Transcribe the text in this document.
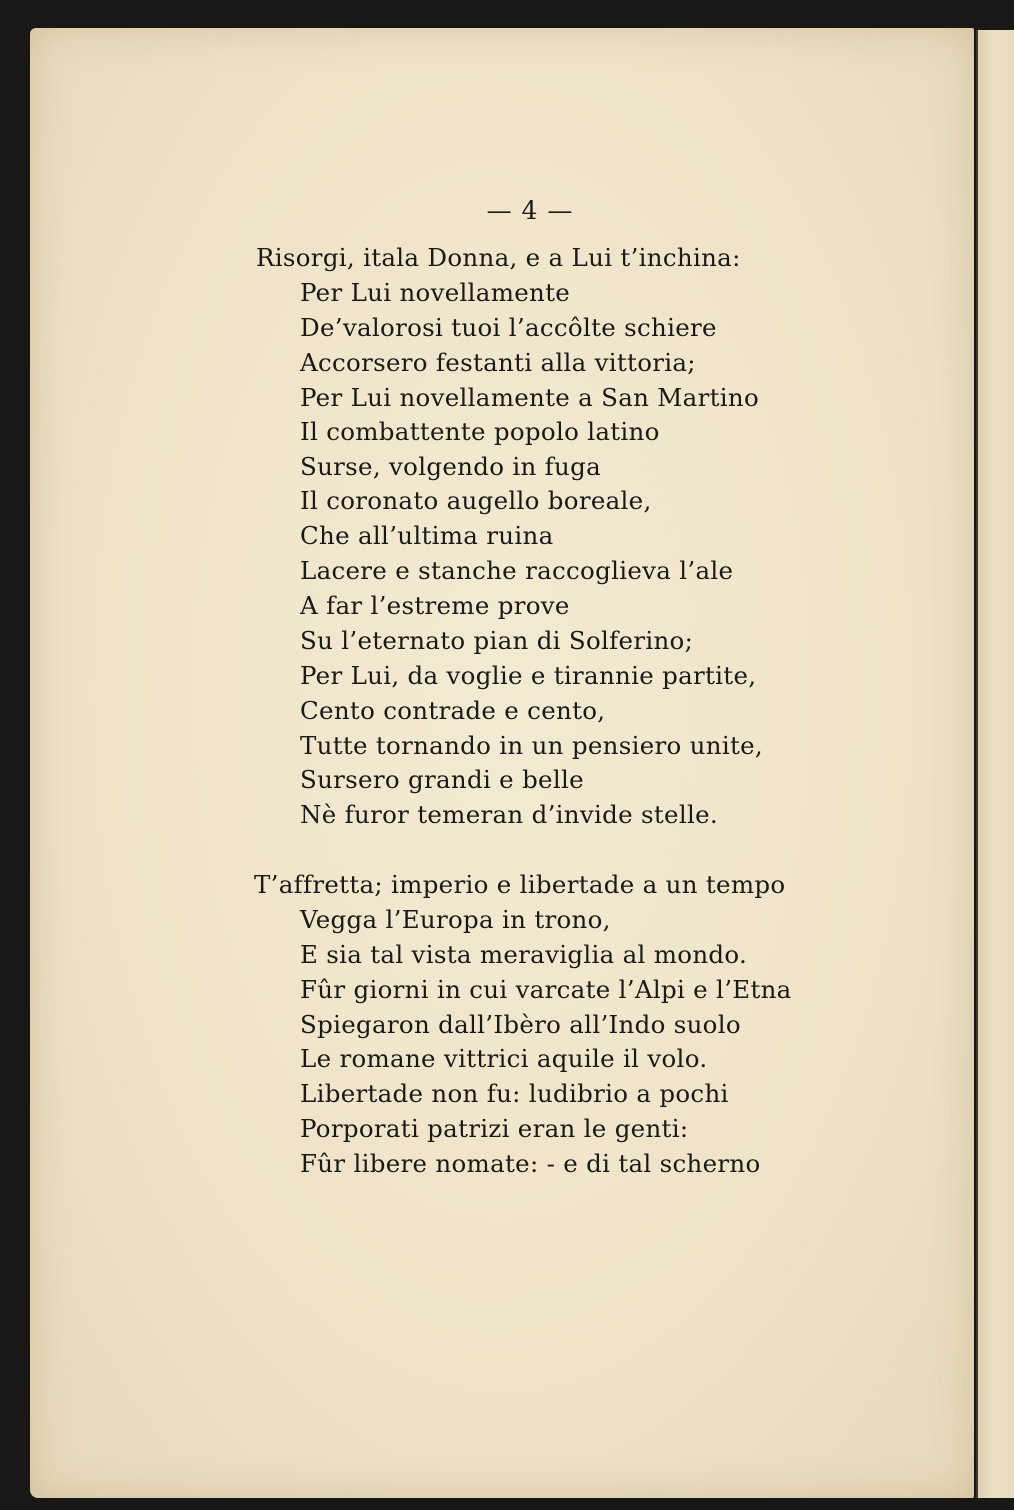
— 4 —
Risorgi, itala Donna, e a Lui t’inchina:
Per Lui novellamente
De’valorosi tuoi l’accôlte schiere
Accorsero festanti alla vittoria;
Per Lui novellamente a San Martino
Il combattente popolo latino
Surse, volgendo in fuga
Il coronato augello boreale,
Che all’ultima ruina
Lacere e stanche raccoglieva l’ale
A far l’estreme prove
Su l’eternato pian di Solferino;
Per Lui, da voglie e tirannie partite,
Cento contrade e cento,
Tutte tornando in un pensiero unite,
Sursero grandi e belle
Nè furor temeran d’invide stelle.
T’affretta; imperio e libertade a un tempo
Vegga l’Europa in trono,
E sia tal vista meraviglia al mondo.
Fûr giorni in cui varcate l’Alpi e l’Etna
Spiegaron dall’Ibèro all’Indo suolo
Le romane vittrici aquile il volo.
Libertade non fu: ludibrio a pochi
Porporati patrizi eran le genti:
Fûr libere nomate: - e di tal scherno
